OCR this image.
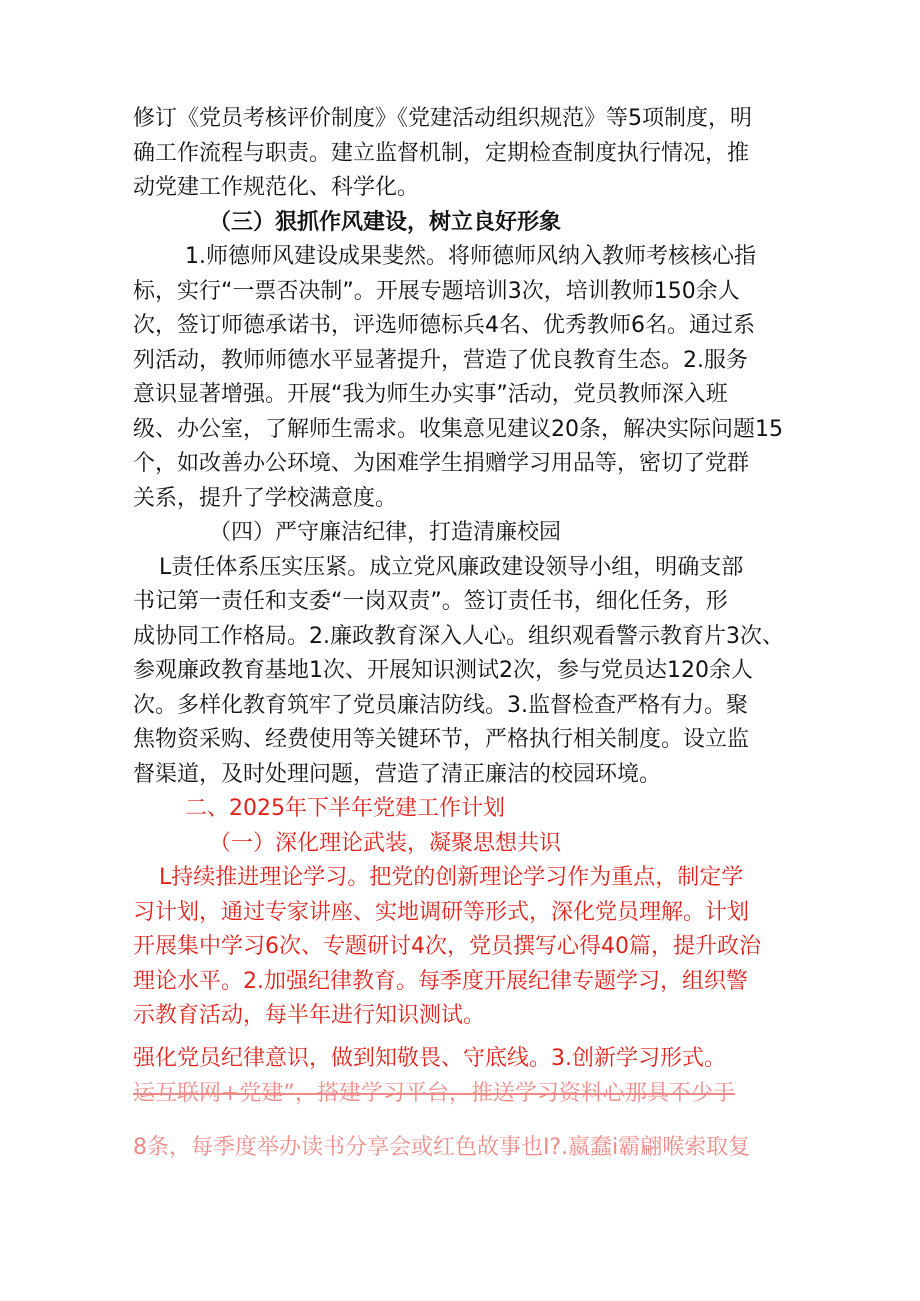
修订《党员考核评价制度》《党建活动组织规范》等5项制度，明

确工作流程与职责。建立监督机制，定期检查制度执行情况，推

动党建工作规范化、科学化。

（三）狠抓作风建设，树立良好形象

1.师德师风建设成果斐然。将师德师风纳入教师考核核心指

标，实行“一票否决制”。开展专题培训3次，培训教师150余人

次，签订师德承诺书，评选师德标兵4名、优秀教师6名。通过系

列活动，教师师德水平显著提升，营造了优良教育生态。2.服务

意识显著增强。开展“我为师生办实事”活动，党员教师深入班

级、办公室，了解师生需求。收集意见建议20条，解决实际问题15

个，如改善办公环境、为困难学生捐赠学习用品等，密切了党群

关系，提升了学校满意度。

（四）严守廉洁纪律，打造清廉校园

L责任体系压实压紧。成立党风廉政建设领导小组，明确支部

书记第一责任和支委“一岗双责”。签订责任书，细化任务，形

成协同工作格局。2.廉政教育深入人心。组织观看警示教育片3次、

参观廉政教育基地1次、开展知识测试2次，参与党员达120余人

次。多样化教育筑牢了党员廉洁防线。3.监督检查严格有力。聚

焦物资采购、经费使用等关键环节，严格执行相关制度。设立监

督渠道，及时处理问题，营造了清正廉洁的校园环境。

二、2025年下半年党建工作计划

（一）深化理论武装，凝聚思想共识

L持续推进理论学习。把党的创新理论学习作为重点，制定学

习计划，通过专家讲座、实地调研等形式，深化党员理解。计划

开展集中学习6次、专题研讨4次，党员撰写心得40篇，提升政治

理论水平。2.加强纪律教育。每季度开展纪律专题学习，组织警

示教育活动，每半年进行知识测试。

强化党员纪律意识，做到知敬畏、守底线。3.创新学习形式。

运互联网+党建”，搭建学习平台，推送学习资料心那具不少于

8条，每季度举办读书分享会或红色故事也I?.嬴蠢i霸翩喉索取复
